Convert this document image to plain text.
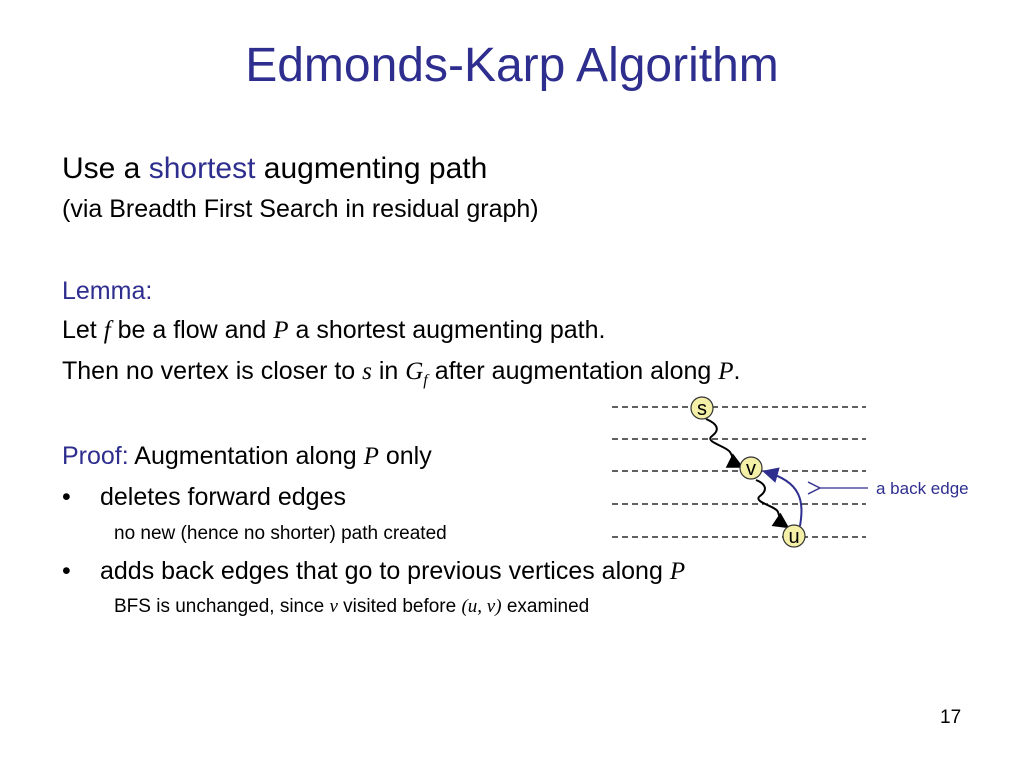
Edmonds-Karp Algorithm
Use a shortest augmenting path
(via Breadth First Search in residual graph)
Lemma:
Let f be a flow and P a shortest augmenting path.
Then no vertex is closer to s in $G_f$ after augmentation along P.
Proof: Augmentation along P only
• deletes forward edges
no new (hence no shorter) path created
• adds back edges that go to previous vertices along P
BFS is unchanged, since v visited before (u, v) examined
a back edge
s
v
u
17
